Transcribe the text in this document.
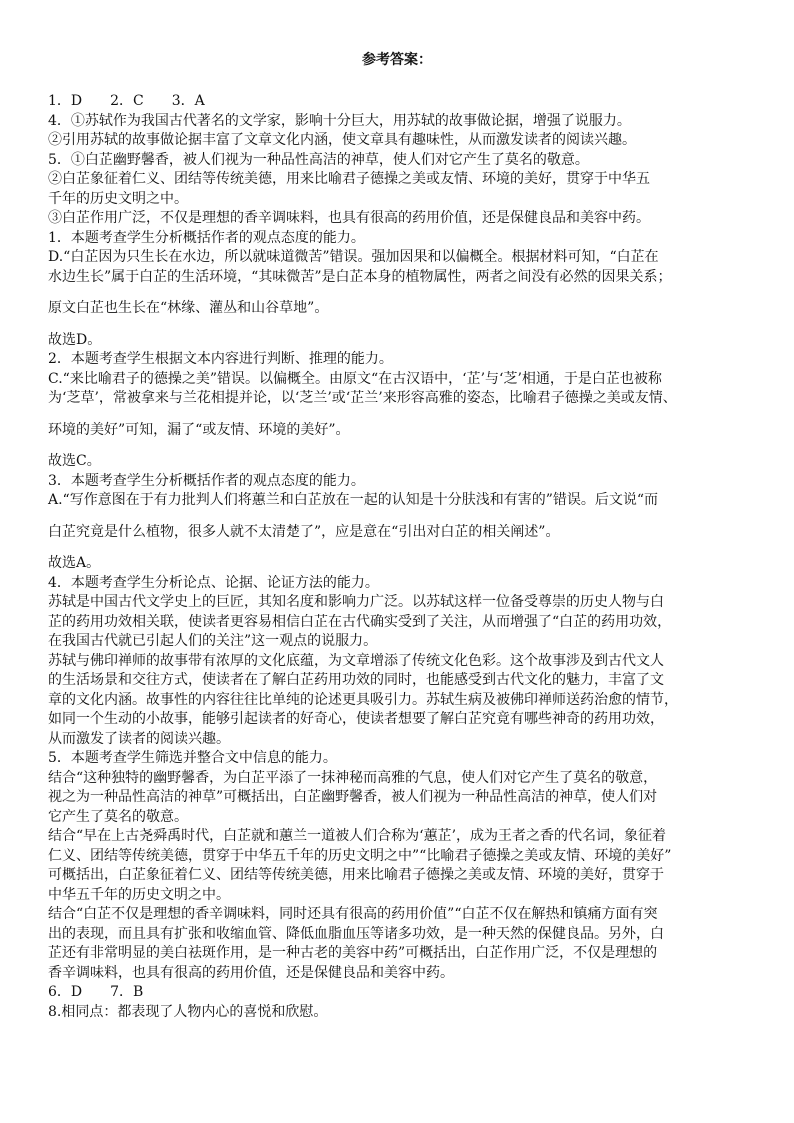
参考答案：
1．D　　2．C　　3．A
4．①苏轼作为我国古代著名的文学家，影响十分巨大，用苏轼的故事做论据，增强了说服力。
②引用苏轼的故事做论据丰富了文章文化内涵，使文章具有趣味性，从而激发读者的阅读兴趣。
5．①白芷幽野馨香，被人们视为一种品性高洁的神草，使人们对它产生了莫名的敬意。
②白芷象征着仁义、团结等传统美德，用来比喻君子德操之美或友情、环境的美好，贯穿于中华五
千年的历史文明之中。
③白芷作用广泛，不仅是理想的香辛调味料，也具有很高的药用价值，还是保健良品和美容中药。
1．本题考查学生分析概括作者的观点态度的能力。
D.“白芷因为只生长在水边，所以就味道微苦”错误。强加因果和以偏概全。根据材料可知，“白芷在
水边生长”属于白芷的生活环境，“其味微苦”是白芷本身的植物属性，两者之间没有必然的因果关系；
原文白芷也生长在“林缘、灌丛和山谷草地”。
故选D。
2．本题考查学生根据文本内容进行判断、推理的能力。
C.“来比喻君子的德操之美”错误。以偏概全。由原文“在古汉语中，‘芷’与‘芝’相通，于是白芷也被称
为‘芝草’，常被拿来与兰花相提并论，以‘芝兰’或‘芷兰’来形容高雅的姿态，比喻君子德操之美或友情、
环境的美好”可知，漏了“或友情、环境的美好”。
故选C。
3．本题考查学生分析概括作者的观点态度的能力。
A.“写作意图在于有力批判人们将蕙兰和白芷放在一起的认知是十分肤浅和有害的”错误。后文说“而
白芷究竟是什么植物，很多人就不太清楚了”，应是意在“引出对白芷的相关阐述”。
故选A。
4．本题考查学生分析论点、论据、论证方法的能力。
苏轼是中国古代文学史上的巨匠，其知名度和影响力广泛。以苏轼这样一位备受尊崇的历史人物与白
芷的药用功效相关联，使读者更容易相信白芷在古代确实受到了关注，从而增强了“白芷的药用功效，
在我国古代就已引起人们的关注”这一观点的说服力。
苏轼与佛印禅师的故事带有浓厚的文化底蕴，为文章增添了传统文化色彩。这个故事涉及到古代文人
的生活场景和交往方式，使读者在了解白芷药用功效的同时，也能感受到古代文化的魅力，丰富了文
章的文化内涵。故事性的内容往往比单纯的论述更具吸引力。苏轼生病及被佛印禅师送药治愈的情节，
如同一个生动的小故事，能够引起读者的好奇心，使读者想要了解白芷究竟有哪些神奇的药用功效，
从而激发了读者的阅读兴趣。
5．本题考查学生筛选并整合文中信息的能力。
结合“这种独特的幽野馨香，为白芷平添了一抹神秘而高雅的气息，使人们对它产生了莫名的敬意，
视之为一种品性高洁的神草”可概括出，白芷幽野馨香，被人们视为一种品性高洁的神草，使人们对
它产生了莫名的敬意。
结合“早在上古尧舜禹时代，白芷就和蕙兰一道被人们合称为‘蕙芷’，成为王者之香的代名词，象征着
仁义、团结等传统美德，贯穿于中华五千年的历史文明之中”“比喻君子德操之美或友情、环境的美好”
可概括出，白芷象征着仁义、团结等传统美德，用来比喻君子德操之美或友情、环境的美好，贯穿于
中华五千年的历史文明之中。
结合“白芷不仅是理想的香辛调味料，同时还具有很高的药用价值”“白芷不仅在解热和镇痛方面有突
出的表现，而且具有扩张和收缩血管、降低血脂血压等诸多功效，是一种天然的保健良品。另外，白
芷还有非常明显的美白祛斑作用，是一种古老的美容中药”可概括出，白芷作用广泛，不仅是理想的
香辛调味料，也具有很高的药用价值，还是保健良品和美容中药。
6．D　　7．B
8.相同点：都表现了人物内心的喜悦和欣慰。
